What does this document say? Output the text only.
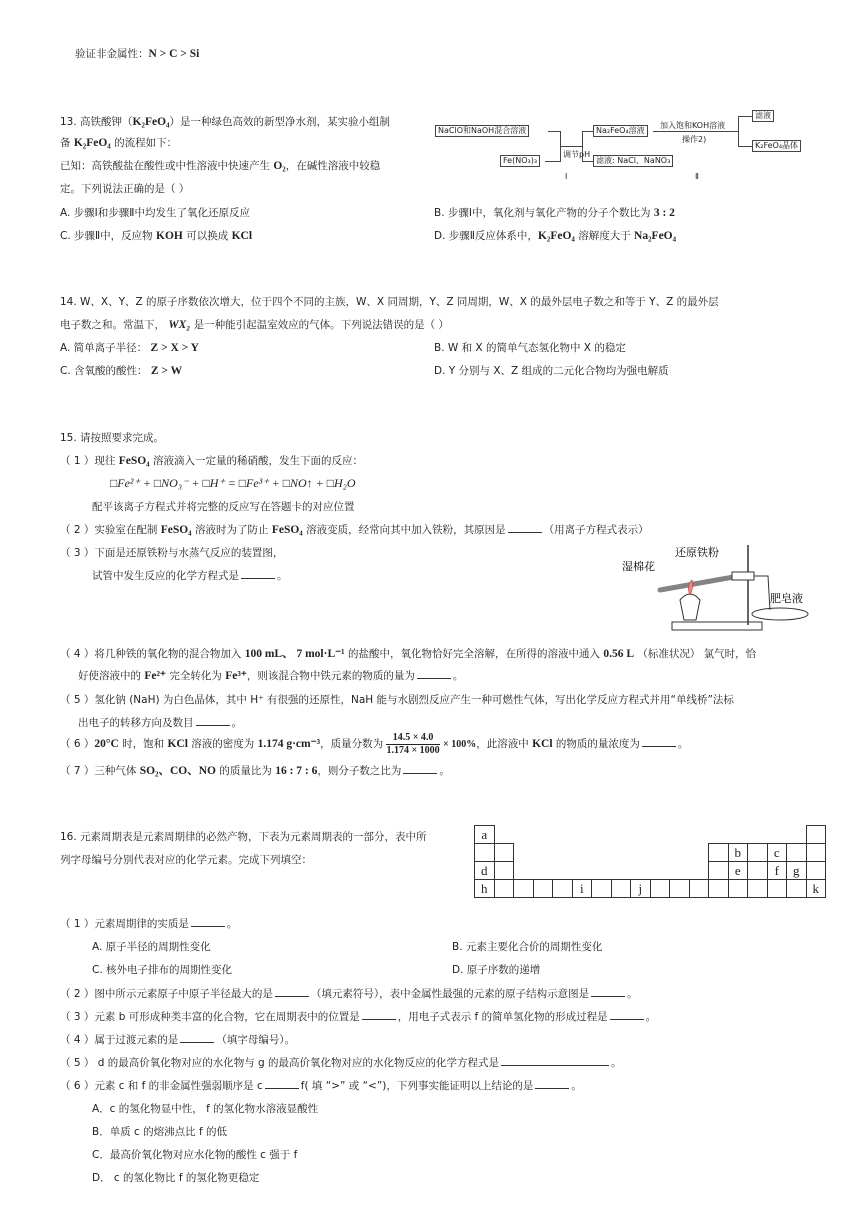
验证非金属性：N > C > Si
13. 高铁酸钾（K₂FeO₄）是一种绿色高效的新型净水剂，某实验小组制
备 K₂FeO₄ 的流程如下：
已知：高铁酸盐在酸性或中性溶液中快速产生 O₂，在碱性溶液中较稳
定。下列说法正确的是（ ）
A. 步骤Ⅰ和步骤Ⅱ中均发生了氧化还原反应	B. 步骤Ⅰ中，氧化剂与氧化产物的分子个数比为 3 : 2
C. 步骤Ⅱ中，反应物 KOH 可以换成 KCl	D. 步骤Ⅱ反应体系中，K₂FeO₄ 溶解度大于 Na₂FeO₄
NaClO和NaOH混合溶液
Fe(NO₃)₃
Na₂FeO₄溶液
滤液: NaCl、NaNO₃
滤液
K₂FeO₄晶体
调节pH
加入饱和KOH溶液
操作2)
Ⅰ	Ⅱ
14. W、X、Y、Z 的原子序数依次增大，位于四个不同的主族，W、X 同周期，Y、Z 同周期，W、X 的最外层电子数之和等于 Y、Z 的最外层
电子数之和。常温下， WX₂ 是一种能引起温室效应的气体。下列说法错误的是（ ）
A. 简单离子半径： Z > X > Y	B. W 和 X 的简单气态氢化物中 X 的稳定
C. 含氧酸的酸性： Z > W	D. Y 分别与 X、Z 组成的二元化合物均为强电解质
15. 请按照要求完成。
（ 1 ）现往 FeSO₄ 溶液滴入一定量的稀硝酸，发生下面的反应：
□Fe²⁺ + □NO₃⁻ + □H⁺ = □Fe³⁺ + □NO↑ + □H₂O
配平该离子方程式并将完整的反应写在答题卡的对应位置
（ 2 ）实验室在配制 FeSO₄ 溶液时为了防止 FeSO₄ 溶液变质，经常向其中加入铁粉，其原因是	（用离子方程式表示）
（ 3 ）下面是还原铁粉与水蒸气反应的装置图，
试管中发生反应的化学方程式是	。
湿棉花
还原铁粉
肥皂液
（ 4 ）将几种铁的氧化物的混合物加入 100 mL、 7 mol·L⁻¹ 的盐酸中，氧化物恰好完全溶解，在所得的溶液中通入 0.56 L （标准状况） 氯气时，恰
好使溶液中的 Fe²⁺ 完全转化为 Fe³⁺，则该混合物中铁元素的物质的量为	。
（ 5 ）氢化钠 (NaH) 为白色晶体，其中 H⁺ 有很强的还原性，NaH 能与水剧烈反应产生一种可燃性气体，写出化学反应方程式并用“单线桥”法标
出电子的转移方向及数目	。
（ 6 ）20°C 时，饱和 KCl 溶液的密度为 1.174 g·cm⁻³，质量分数为 $\frac{14.5 \times 4.0}{1.174 \times 1000} \times 100\%$，此溶液中 KCl 的物质的量浓度为	。
（ 7 ）三种气体 SO₂、CO、NO 的质量比为 16 : 7 : 6，则分子数之比为	。
16. 元素周期表是元素周期律的必然产物，下表为元素周期表的一部分，表中所
列字母编号分别代表对应的化学元素。完成下列填空：
a																	
													b		c		
d													e		f	g	
h					i			j									k
（ 1 ）元素周期律的实质是	。
A. 原子半径的周期性变化	B. 元素主要化合价的周期性变化
C. 核外电子排布的周期性变化	D. 原子序数的递增
（ 2 ）图中所示元素原子中原子半径最大的是	（填元素符号），表中金属性最强的元素的原子结构示意图是	。
（ 3 ）元素 b 可形成种类丰富的化合物，它在周期表中的位置是	，用电子式表示 f 的简单氢化物的形成过程是	。
（ 4 ）属于过渡元素的是	（填字母编号）。
（ 5 ） d 的最高价氧化物对应的水化物与 g 的最高价氧化物对应的水化物反应的化学方程式是	。
（ 6 ）元素 c 和 f 的非金属性强弱顺序是 c	f( 填 “>” 或 “<”)，下列事实能证明以上结论的是	。
A．c 的氢化物显中性， f 的氢化物水溶液显酸性
B．单质 c 的熔沸点比 f 的低
C．最高价氧化物对应水化物的酸性 c 强于 f
D． c 的氢化物比 f 的氢化物更稳定
